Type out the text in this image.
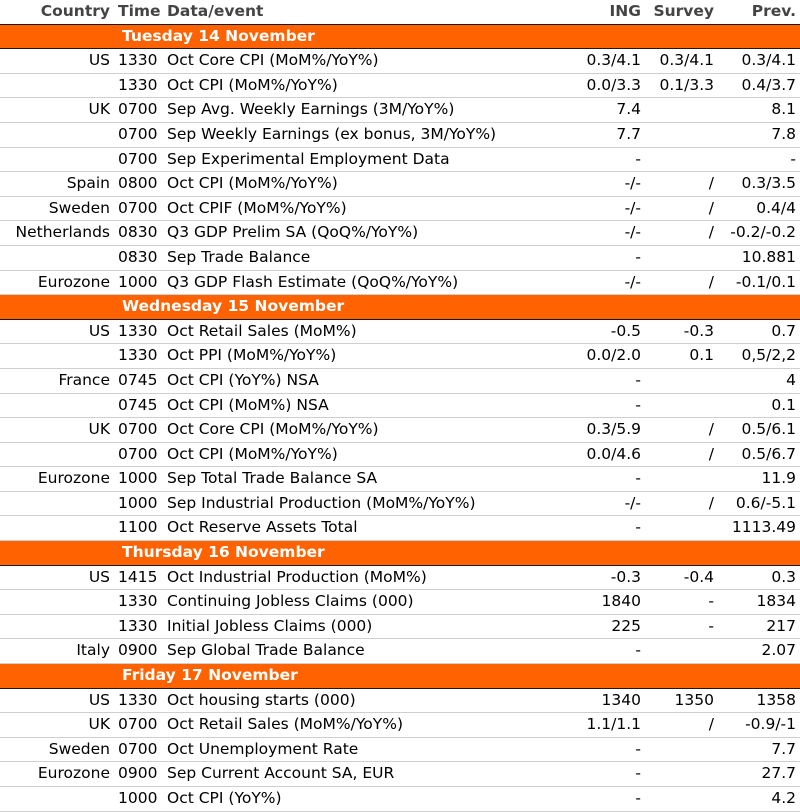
Country	Time	Data/event	ING	Survey	Prev.
	Tuesday 14 November				
US	1330	Oct Core CPI (MoM%/YoY%)	0.3/4.1	0.3/4.1	0.3/4.1
	1330	Oct CPI (MoM%/YoY%)	0.0/3.3	0.1/3.3	0.4/3.7
UK	0700	Sep Avg. Weekly Earnings (3M/YoY%)	7.4		8.1
	0700	Sep Weekly Earnings (ex bonus, 3M/YoY%)	7.7		7.8
	0700	Sep Experimental Employment Data	-		-
Spain	0800	Oct CPI (MoM%/YoY%)	-/-	/	0.3/3.5
Sweden	0700	Oct CPIF (MoM%/YoY%)	-/-	/	0.4/4
Netherlands	0830	Q3 GDP Prelim SA (QoQ%/YoY%)	-/-	/	-0.2/-0.2
	0830	Sep Trade Balance	-		10.881
Eurozone	1000	Q3 GDP Flash Estimate (QoQ%/YoY%)	-/-	/	-0.1/0.1
	Wednesday 15 November				
US	1330	Oct Retail Sales (MoM%)	-0.5	-0.3	0.7
	1330	Oct PPI (MoM%/YoY%)	0.0/2.0	0.1	0,5/2,2
France	0745	Oct CPI (YoY%) NSA	-		4
	0745	Oct CPI (MoM%) NSA	-		0.1
UK	0700	Oct Core CPI (MoM%/YoY%)	0.3/5.9	/	0.5/6.1
	0700	Oct CPI (MoM%/YoY%)	0.0/4.6	/	0.5/6.7
Eurozone	1000	Sep Total Trade Balance SA	-		11.9
	1000	Sep Industrial Production (MoM%/YoY%)	-/-	/	0.6/-5.1
	1100	Oct Reserve Assets Total	-		1113.49
	Thursday 16 November				
US	1415	Oct Industrial Production (MoM%)	-0.3	-0.4	0.3
	1330	Continuing Jobless Claims (000)	1840	-	1834
	1330	Initial Jobless Claims (000)	225	-	217
Italy	0900	Sep Global Trade Balance	-		2.07
	Friday 17 November				
US	1330	Oct housing starts (000)	1340	1350	1358
UK	0700	Oct Retail Sales (MoM%/YoY%)	1.1/1.1	/	-0.9/-1
Sweden	0700	Oct Unemployment Rate	-		7.7
Eurozone	0900	Sep Current Account SA, EUR	-		27.7
	1000	Oct CPI (YoY%)	-		4.2
